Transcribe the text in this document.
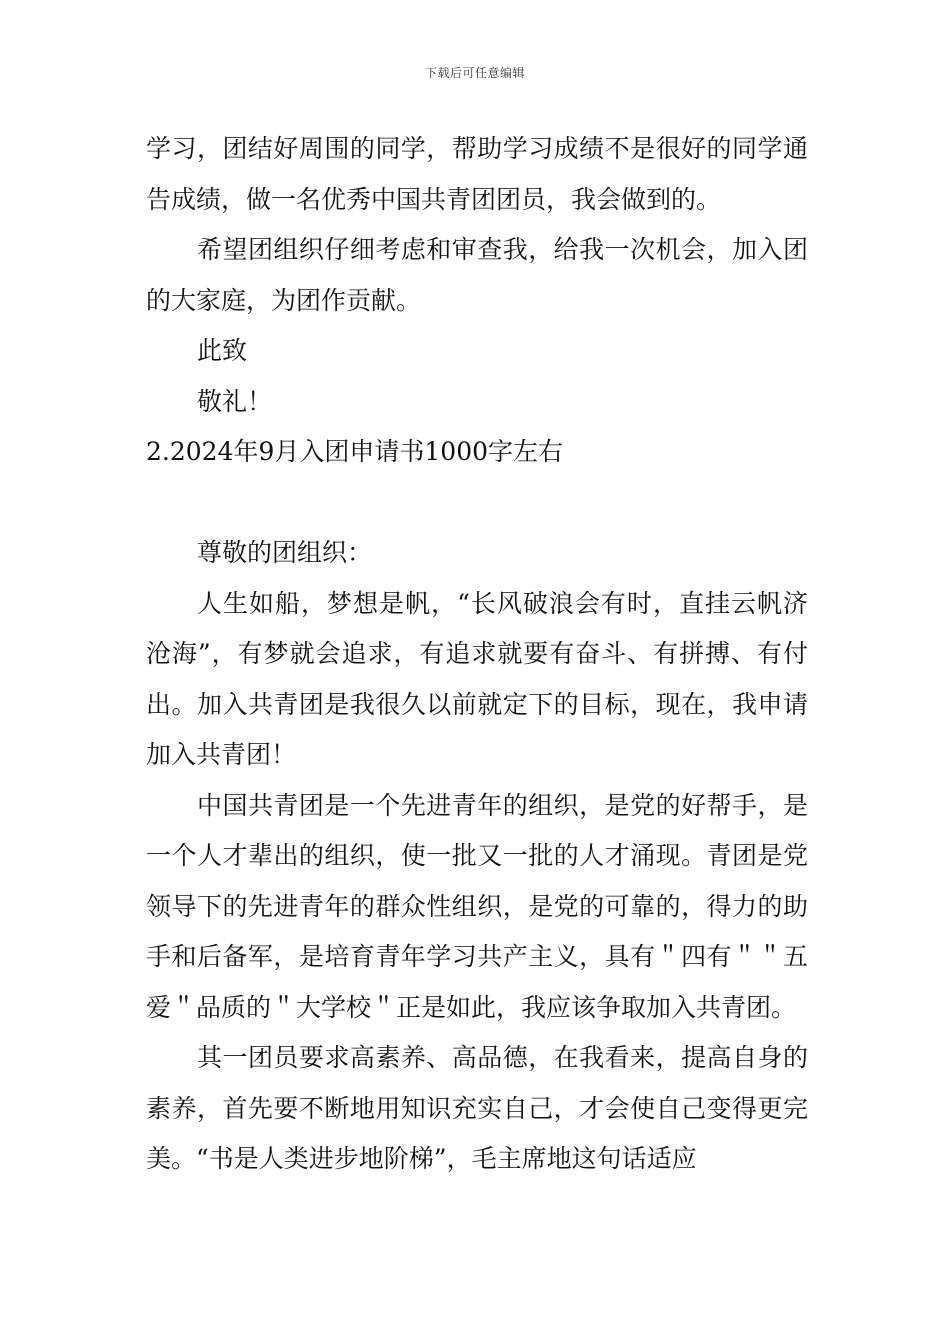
下载后可任意编辑

学习，团结好周围的同学，帮助学习成绩不是很好的同学通告成绩，做一名优秀中国共青团团员，我会做到的。

希望团组织仔细考虑和审查我，给我一次机会，加入团的大家庭，为团作贡献。

此致

敬礼！

2.2024年9月入团申请书1000字左右

尊敬的团组织：

人生如船，梦想是帆，“长风破浪会有时，直挂云帆济沧海”，有梦就会追求，有追求就要有奋斗、有拼搏、有付出。加入共青团是我很久以前就定下的目标，现在，我申请加入共青团！

中国共青团是一个先进青年的组织，是党的好帮手，是一个人才辈出的组织，使一批又一批的人才涌现。青团是党领导下的先进青年的群众性组织，是党的可靠的，得力的助手和后备军，是培育青年学习共产主义，具有＂四有＂＂五爱＂品质的＂大学校＂正是如此，我应该争取加入共青团。

其一团员要求高素养、高品德，在我看来，提高自身的素养，首先要不断地用知识充实自己，才会使自己变得更完美。“书是人类进步地阶梯”，毛主席地这句话适应
